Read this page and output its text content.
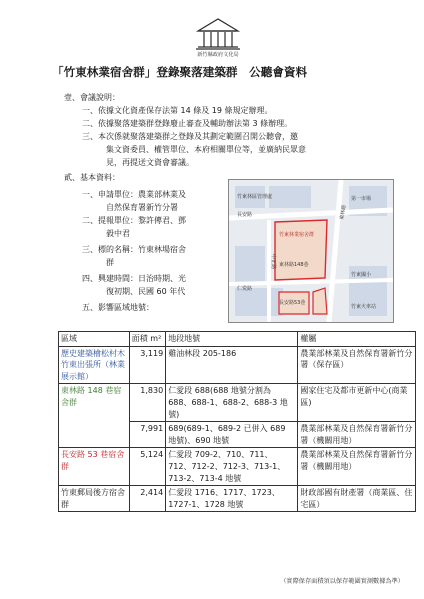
新竹縣政府文化局
「竹東林業宿舍群」登錄聚落建築群　公聽會資料
壹、會議說明：
一、依據文化資產保存法第 14 條及 19 條規定辦理。
二、依據聚落建築群登錄廢止審查及輔助辦法第 3 條辦理。
三、本次係就聚落建築群之登錄及其劃定範圍召開公聽會，邀
集文資委員、權管單位、本府相關單位等，並廣納民眾意
見，再提送文資會審議。
貳、基本資料：
一、申請單位：農業部林業及
自然保育署新竹分署
二、提報單位：黎許傳君、鄧
毅中君
三、標的名稱：竹東林場宿舍
群
四、興建時間：日治時期、光
復初期、民國 60 年代
五、影響區域地號：
竹東林區管理處
中正路
東林路
長安路
仁愛路
竹東林業宿舍群
竹東火車站
第一市場
竹東國小
東林路148巷
長安路53巷
區域	面積 m²	地段地號	權屬
歷史建築檜松村木竹東出張所（林業展示館）	3,119	雞油林段 205-186	農業部林業及自然保育署新竹分署（保存區）
東林路 148 巷宿舍群	1,830	仁愛段 688(688 地號分割為 688、688-1、688-2、688-3 地號)	國家住宅及都市更新中心(商業區)
	7,991	689(689-1、689-2 已併入 689 地號)、690 地號	農業部林業及自然保育署新竹分署（機關用地）
長安路 53 巷宿舍群	5,124	仁愛段 709-2、710、711、712、712-2、712-3、713-1、713-2、713-4 地號	農業部林業及自然保育署新竹分署（機關用地）
竹東郵局後方宿舍群	2,414	仁愛段 1716、1717、1723、1727-1、1728 地號	財政部國有財產署（商業區、住宅區）
（實際保存面積須以保存範圍實測數據為準）
